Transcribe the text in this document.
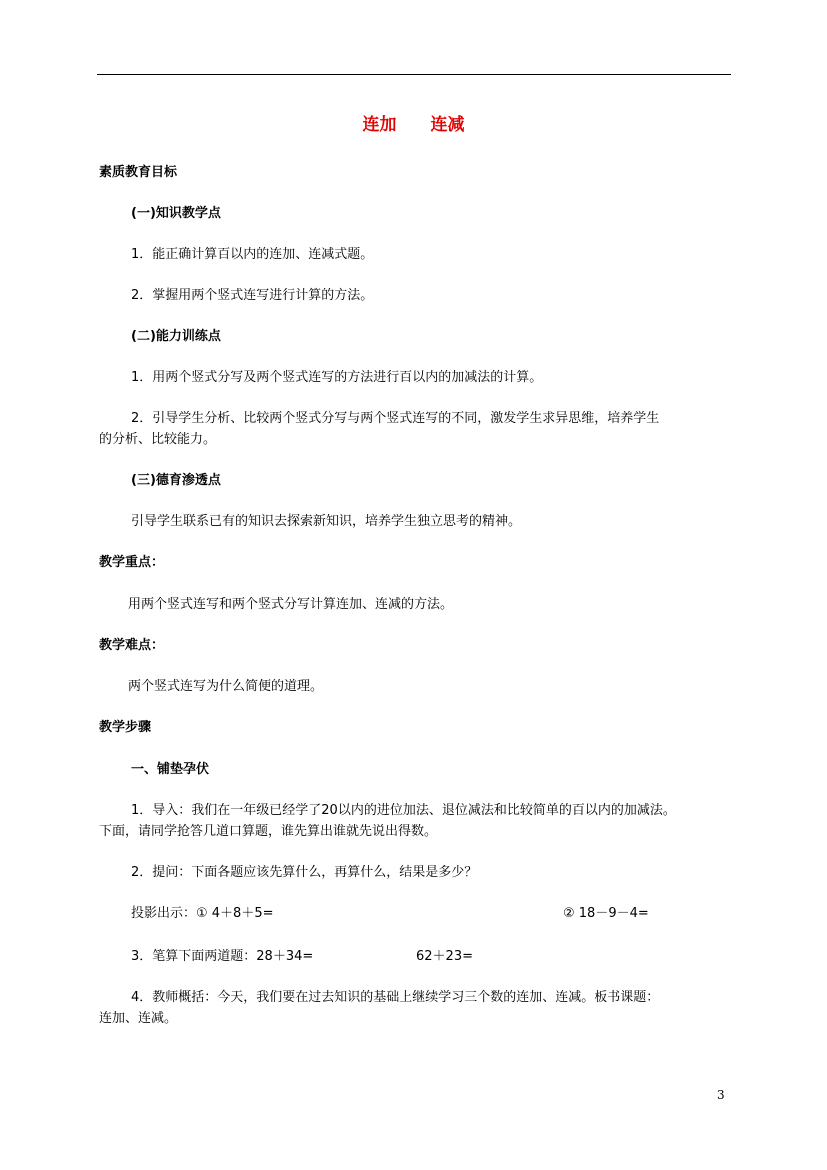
连加　　连减
素质教育目标
(一)知识教学点
1．能正确计算百以内的连加、连减式题。
2．掌握用两个竖式连写进行计算的方法。
(二)能力训练点
1．用两个竖式分写及两个竖式连写的方法进行百以内的加减法的计算。
2．引导学生分析、比较两个竖式分写与两个竖式连写的不同，激发学生求异思维，培养学生
的分析、比较能力。
(三)德育渗透点
引导学生联系已有的知识去探索新知识，培养学生独立思考的精神。
教学重点：
用两个竖式连写和两个竖式分写计算连加、连减的方法。
教学难点：
两个竖式连写为什么简便的道理。
教学步骤
一、铺垫孕伏
1．导入：我们在一年级已经学了20以内的进位加法、退位减法和比较简单的百以内的加减法。
下面，请同学抢答几道口算题，谁先算出谁就先说出得数。
2．提问：下面各题应该先算什么，再算什么，结果是多少？
投影出示：① 4＋8＋5=	② 18－9－4=
3．笔算下面两道题：28＋34=	62＋23=
4．教师概括：今天，我们要在过去知识的基础上继续学习三个数的连加、连减。板书课题：
连加、连减。
3
